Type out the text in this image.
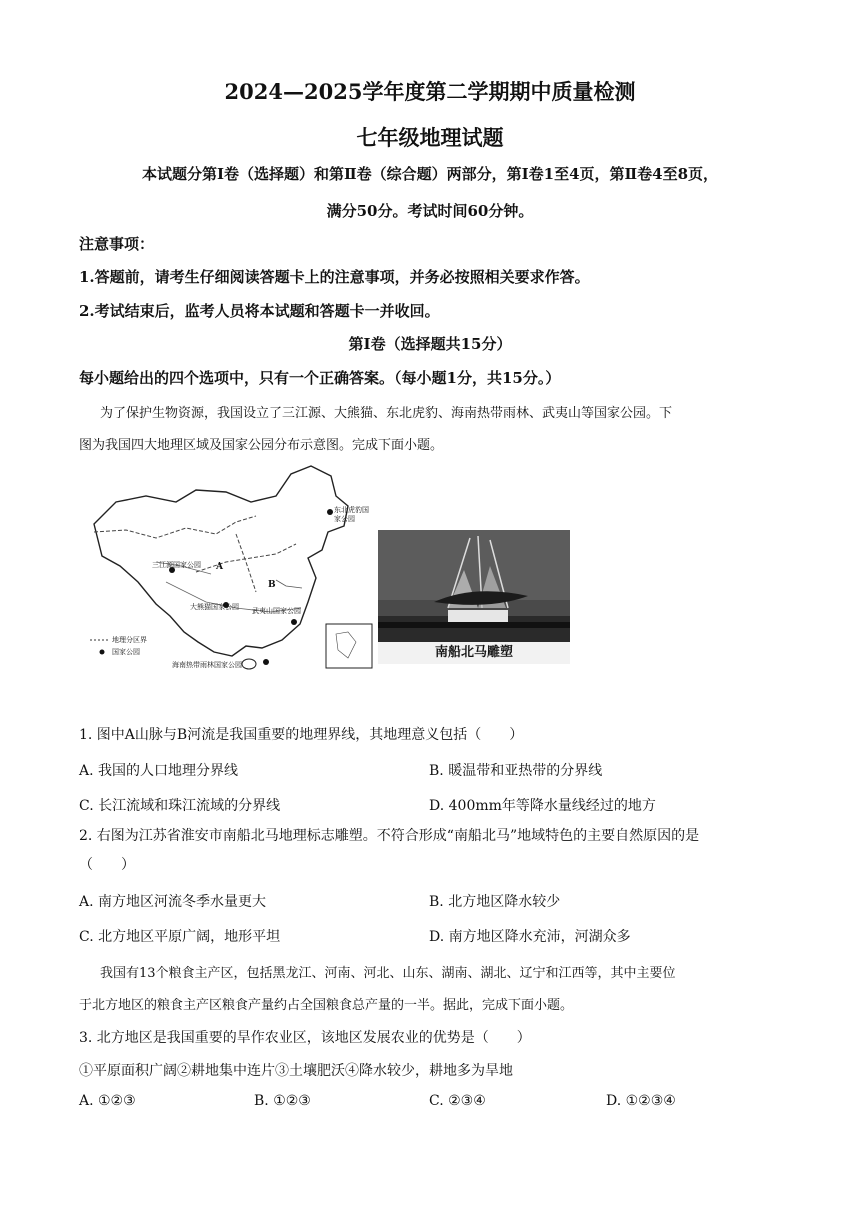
2024—2025学年度第二学期期中质量检测
七年级地理试题
本试题分第Ⅰ卷（选择题）和第Ⅱ卷（综合题）两部分，第Ⅰ卷1至4页，第Ⅱ卷4至8页，
满分50分。考试时间60分钟。
注意事项：
1.答题前，请考生仔细阅读答题卡上的注意事项，并务必按照相关要求作答。
2.考试结束后，监考人员将本试题和答题卡一并收回。
第Ⅰ卷（选择题共15分）
每小题给出的四个选项中，只有一个正确答案。（每小题1分，共15分。）
为了保护生物资源，我国设立了三江源、大熊猫、东北虎豹、海南热带雨林、武夷山等国家公园。下
图为我国四大地理区域及国家公园分布示意图。完成下面小题。
东北虎豹国家公园
三江源国家公园
大熊猫国家公园 武夷山国家公园
海南热带雨林国家公园
地理分区界
国家公园
A
B
南船北马雕塑
1. 图中A山脉与B河流是我国重要的地理界线，其地理意义包括（　　）
A. 我国的人口地理分界线	B. 暖温带和亚热带的分界线
C. 长江流域和珠江流域的分界线	D. 400mm年等降水量线经过的地方
2. 右图为江苏省淮安市南船北马地理标志雕塑。不符合形成“南船北马”地域特色的主要自然原因的是
（　　）
A. 南方地区河流冬季水量更大	B. 北方地区降水较少
C. 北方地区平原广阔，地形平坦	D. 南方地区降水充沛，河湖众多
我国有13个粮食主产区，包括黑龙江、河南、河北、山东、湖南、湖北、辽宁和江西等，其中主要位
于北方地区的粮食主产区粮食产量约占全国粮食总产量的一半。据此，完成下面小题。
3. 北方地区是我国重要的旱作农业区，该地区发展农业的优势是（　　）
①平原面积广阔②耕地集中连片③土壤肥沃④降水较少，耕地多为旱地
A. ①②③	B. ①②③	C. ②③④	D. ①②③④
